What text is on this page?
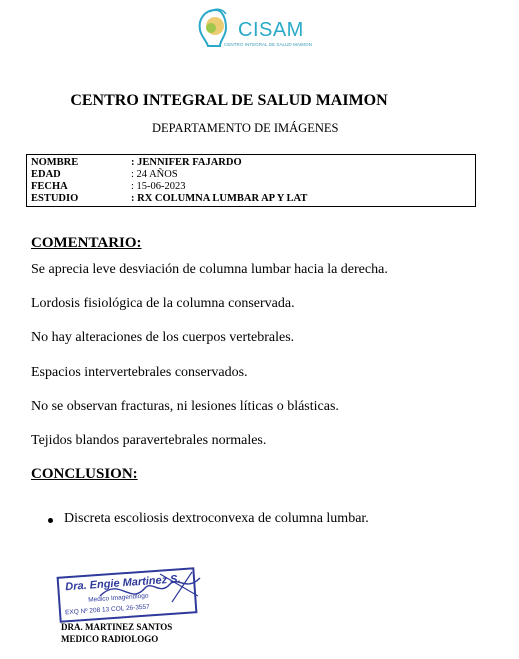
CISAM
CENTRO INTEGRAL DE SALUD MAIMON
CENTRO INTEGRAL DE SALUD MAIMON
DEPARTAMENTO DE IMÁGENES
NOMBRE	: JENNIFER FAJARDO
EDAD	: 24 AÑOS
FECHA	: 15-06-2023
ESTUDIO	: RX COLUMNA LUMBAR AP Y LAT
COMENTARIO:
Se aprecia leve desviación de columna lumbar hacia la derecha.
Lordosis fisiológica de la columna conservada.
No hay alteraciones de los cuerpos vertebrales.
Espacios intervertebrales conservados.
No se observan fracturas, ni lesiones líticas o blásticas.
Tejidos blandos paravertebrales normales.
CONCLUSION:
Discreta escoliosis dextroconvexa de columna lumbar.
Dra. Engie Martinez S.
Medico Imagenólogo
EXQ Nº 208 13 COL 26-3557
DRA. MARTINEZ SANTOS
MEDICO RADIOLOGO
